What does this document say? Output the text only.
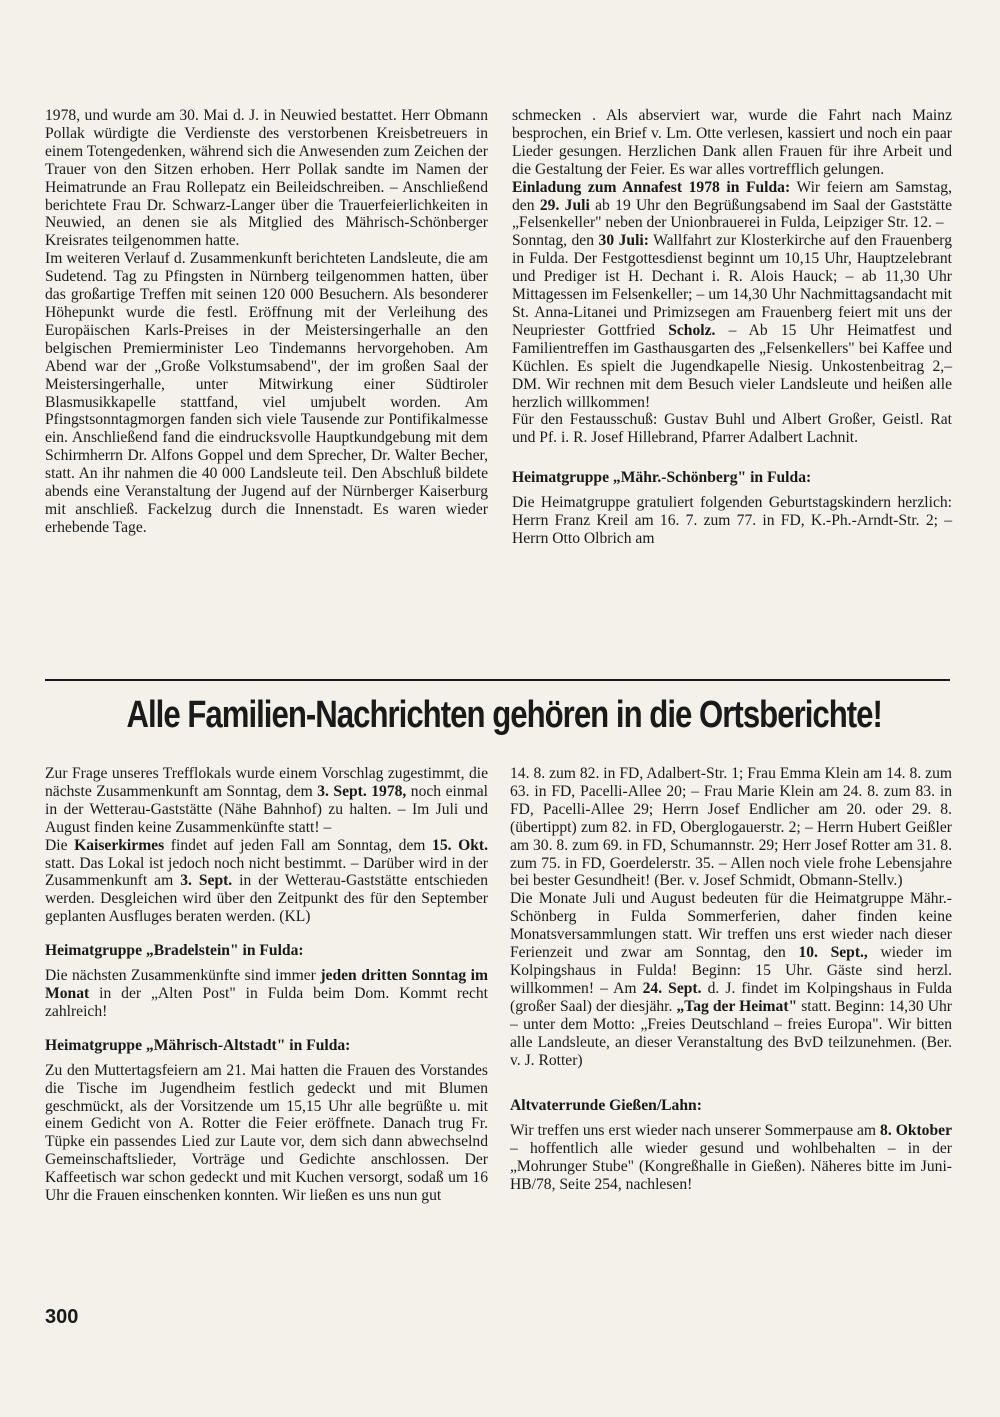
1978, und wurde am 30. Mai d. J. in Neuwied bestattet. Herr Obmann Pollak würdigte die Verdienste des verstorbenen Kreisbetreuers in einem Totengedenken, während sich die Anwesenden zum Zeichen der Trauer von den Sitzen erhoben. Herr Pollak sandte im Namen der Heimatrunde an Frau Rollepatz ein Beileidschreiben. – Anschließend berichtete Frau Dr. Schwarz-Langer über die Trauerfeierlichkeiten in Neuwied, an denen sie als Mitglied des Mährisch-Schönberger Kreisrates teilgenommen hatte.

Im weiteren Verlauf d. Zusammenkunft berichteten Landsleute, die am Sudetend. Tag zu Pfingsten in Nürnberg teilgenommen hatten, über das großartige Treffen mit seinen 120 000 Besuchern. Als besonderer Höhepunkt wurde die festl. Eröffnung mit der Verleihung des Europäischen Karls-Preises in der Meistersingerhalle an den belgischen Premierminister Leo Tindemanns hervorgehoben. Am Abend war der „Große Volkstumsabend", der im großen Saal der Meistersingerhalle, unter Mitwirkung einer Südtiroler Blasmusikkapelle stattfand, viel umjubelt worden. Am Pfingstsonntagmorgen fanden sich viele Tausende zur Pontifikalmesse ein. Anschließend fand die eindrucksvolle Hauptkundgebung mit dem Schirmherrn Dr. Alfons Goppel und dem Sprecher, Dr. Walter Becher, statt. An ihr nahmen die 40 000 Landsleute teil. Den Abschluß bildete abends eine Veranstaltung der Jugend auf der Nürnberger Kaiserburg mit anschließ. Fackelzug durch die Innenstadt. Es waren wieder erhebende Tage.

schmecken . Als abserviert war, wurde die Fahrt nach Mainz besprochen, ein Brief v. Lm. Otte verlesen, kassiert und noch ein paar Lieder gesungen. Herzlichen Dank allen Frauen für ihre Arbeit und die Gestaltung der Feier. Es war alles vortrefflich gelungen.

Einladung zum Annafest 1978 in Fulda: Wir feiern am Samstag, den 29. Juli ab 19 Uhr den Begrüßungsabend im Saal der Gaststätte „Felsenkeller" neben der Unionbrauerei in Fulda, Leipziger Str. 12. –

Sonntag, den 30 Juli: Wallfahrt zur Klosterkirche auf den Frauenberg in Fulda. Der Festgottesdienst beginnt um 10,15 Uhr, Hauptzelebrant und Prediger ist H. Dechant i. R. Alois Hauck; – ab 11,30 Uhr Mittagessen im Felsenkeller; – um 14,30 Uhr Nachmittagsandacht mit St. Anna-Litanei und Primizsegen am Frauenberg feiert mit uns der Neupriester Gottfried Scholz. – Ab 15 Uhr Heimatfest und Familientreffen im Gasthausgarten des „Felsenkellers" bei Kaffee und Küchlen. Es spielt die Jugendkapelle Niesig. Unkostenbeitrag 2,– DM. Wir rechnen mit dem Besuch vieler Landsleute und heißen alle herzlich willkommen!

Für den Festausschuß: Gustav Buhl und Albert Großer, Geistl. Rat und Pf. i. R. Josef Hillebrand, Pfarrer Adalbert Lachnit.

Heimatgruppe „Mähr.-Schönberg" in Fulda:

Die Heimatgruppe gratuliert folgenden Geburtstagskindern herzlich: Herrn Franz Kreil am 16. 7. zum 77. in FD, K.-Ph.-Arndt-Str. 2; – Herrn Otto Olbrich am

Alle Familien-Nachrichten gehören in die Ortsberichte!

Zur Frage unseres Trefflokals wurde einem Vorschlag zugestimmt, die nächste Zusammenkunft am Sonntag, dem 3. Sept. 1978, noch einmal in der Wetterau-Gaststätte (Nähe Bahnhof) zu halten. – Im Juli und August finden keine Zusammenkünfte statt! –

Die Kaiserkirmes findet auf jeden Fall am Sonntag, dem 15. Okt. statt. Das Lokal ist jedoch noch nicht bestimmt. – Darüber wird in der Zusammenkunft am 3. Sept. in der Wetterau-Gaststätte entschieden werden. Desgleichen wird über den Zeitpunkt des für den September geplanten Ausfluges beraten werden. (KL)

Heimatgruppe „Bradelstein" in Fulda:

Die nächsten Zusammenkünfte sind immer jeden dritten Sonntag im Monat in der „Alten Post" in Fulda beim Dom. Kommt recht zahlreich!

Heimatgruppe „Mährisch-Altstadt" in Fulda:

Zu den Muttertagsfeiern am 21. Mai hatten die Frauen des Vorstandes die Tische im Jugendheim festlich gedeckt und mit Blumen geschmückt, als der Vorsitzende um 15,15 Uhr alle begrüßte u. mit einem Gedicht von A. Rotter die Feier eröffnete. Danach trug Fr. Tüpke ein passendes Lied zur Laute vor, dem sich dann abwechselnd Gemeinschaftslieder, Vorträge und Gedichte anschlossen. Der Kaffeetisch war schon gedeckt und mit Kuchen versorgt, sodaß um 16 Uhr die Frauen einschenken konnten. Wir ließen es uns nun gut

14. 8. zum 82. in FD, Adalbert-Str. 1; Frau Emma Klein am 14. 8. zum 63. in FD, Pacelli-Allee 20; – Frau Marie Klein am 24. 8. zum 83. in FD, Pacelli-Allee 29; Herrn Josef Endlicher am 20. oder 29. 8. (übertippt) zum 82. in FD, Oberglogauerstr. 2; – Herrn Hubert Geißler am 30. 8. zum 69. in FD, Schumannstr. 29; Herr Josef Rotter am 31. 8. zum 75. in FD, Goerdelerstr. 35. – Allen noch viele frohe Lebensjahre bei bester Gesundheit! (Ber. v. Josef Schmidt, Obmann-Stellv.)

Die Monate Juli und August bedeuten für die Heimatgruppe Mähr.-Schönberg in Fulda Sommerferien, daher finden keine Monatsversammlungen statt. Wir treffen uns erst wieder nach dieser Ferienzeit und zwar am Sonntag, den 10. Sept., wieder im Kolpingshaus in Fulda! Beginn: 15 Uhr. Gäste sind herzl. willkommen! – Am 24. Sept. d. J. findet im Kolpingshaus in Fulda (großer Saal) der diesjähr. „Tag der Heimat" statt. Beginn: 14,30 Uhr – unter dem Motto: „Freies Deutschland – freies Europa". Wir bitten alle Landsleute, an dieser Veranstaltung des BvD teilzunehmen. (Ber. v. J. Rotter)

Altvaterrunde Gießen/Lahn:

Wir treffen uns erst wieder nach unserer Sommerpause am 8. Oktober – hoffentlich alle wieder gesund und wohlbehalten – in der „Mohrunger Stube" (Kongreßhalle in Gießen). Näheres bitte im Juni-HB/78, Seite 254, nachlesen!

300
